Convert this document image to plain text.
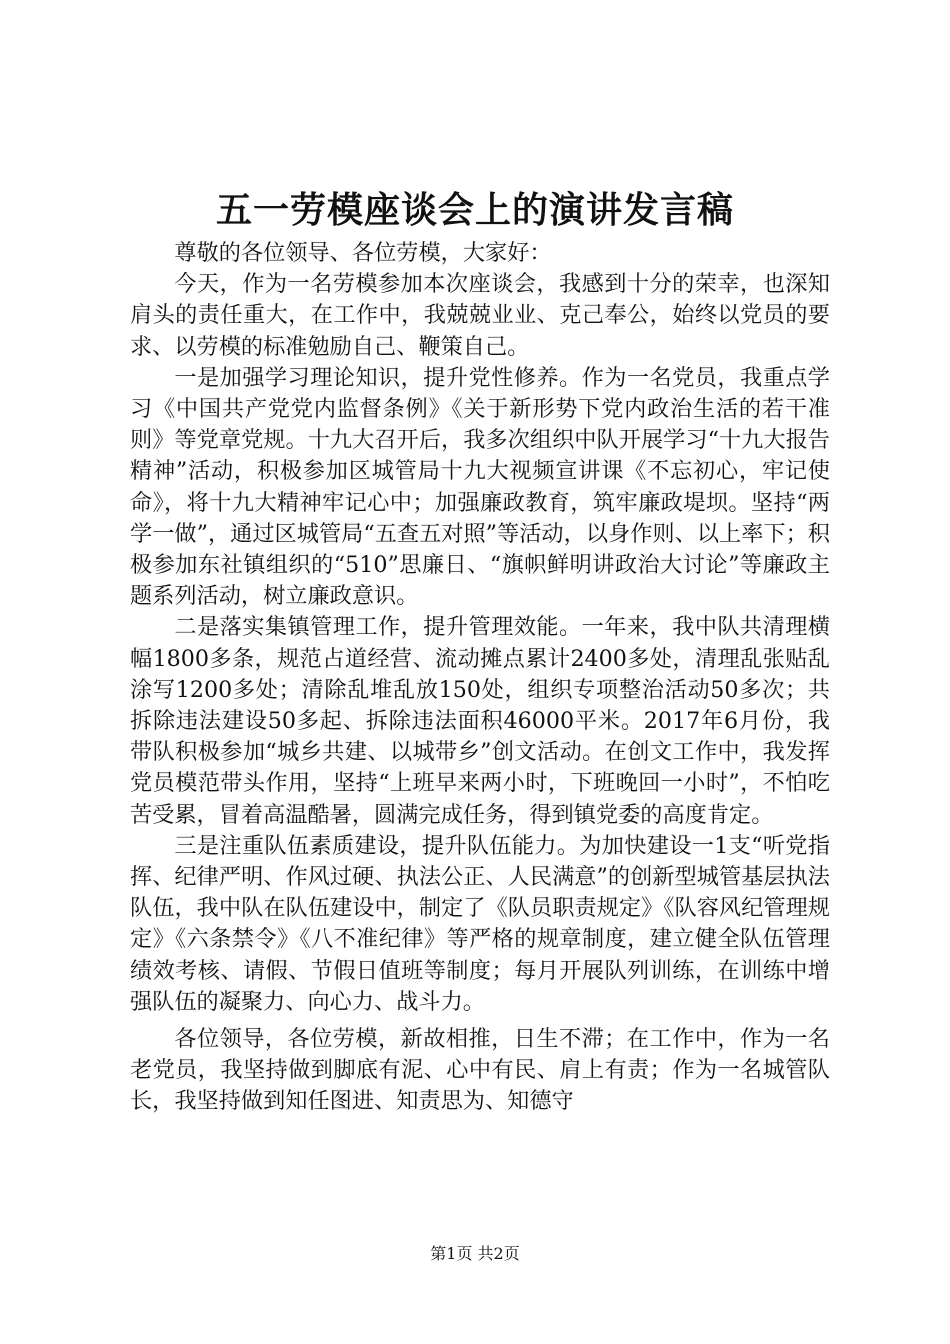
五一劳模座谈会上的演讲发言稿

尊敬的各位领导、各位劳模，大家好：

今天，作为一名劳模参加本次座谈会，我感到十分的荣幸，也深知肩头的责任重大，在工作中，我兢兢业业、克己奉公，始终以党员的要求、以劳模的标准勉励自己、鞭策自己。

一是加强学习理论知识，提升党性修养。作为一名党员，我重点学习《中国共产党党内监督条例》《关于新形势下党内政治生活的若干准则》等党章党规。十九大召开后，我多次组织中队开展学习“十九大报告精神”活动，积极参加区城管局十九大视频宣讲课《不忘初心，牢记使命》，将十九大精神牢记心中；加强廉政教育，筑牢廉政堤坝。坚持“两学一做”，通过区城管局“五查五对照”等活动，以身作则、以上率下；积极参加东社镇组织的“510”思廉日、“旗帜鲜明讲政治大讨论”等廉政主题系列活动，树立廉政意识。

二是落实集镇管理工作，提升管理效能。一年来，我中队共清理横幅1800多条，规范占道经营、流动摊点累计2400多处，清理乱张贴乱涂写1200多处；清除乱堆乱放150处，组织专项整治活动50多次；共拆除违法建设50多起、拆除违法面积46000平米。2017年6月份，我带队积极参加“城乡共建、以城带乡”创文活动。在创文工作中，我发挥党员模范带头作用，坚持“上班早来两小时，下班晚回一小时”，不怕吃苦受累，冒着高温酷暑，圆满完成任务，得到镇党委的高度肯定。

三是注重队伍素质建设，提升队伍能力。为加快建设一1支“听党指挥、纪律严明、作风过硬、执法公正、人民满意”的创新型城管基层执法队伍，我中队在队伍建设中，制定了《队员职责规定》《队容风纪管理规定》《六条禁令》《八不准纪律》等严格的规章制度，建立健全队伍管理绩效考核、请假、节假日值班等制度；每月开展队列训练，在训练中增强队伍的凝聚力、向心力、战斗力。

各位领导，各位劳模，新故相推，日生不滞；在工作中，作为一名老党员，我坚持做到脚底有泥、心中有民、肩上有责；作为一名城管队长，我坚持做到知任图进、知责思为、知德守

第1页 共2页
